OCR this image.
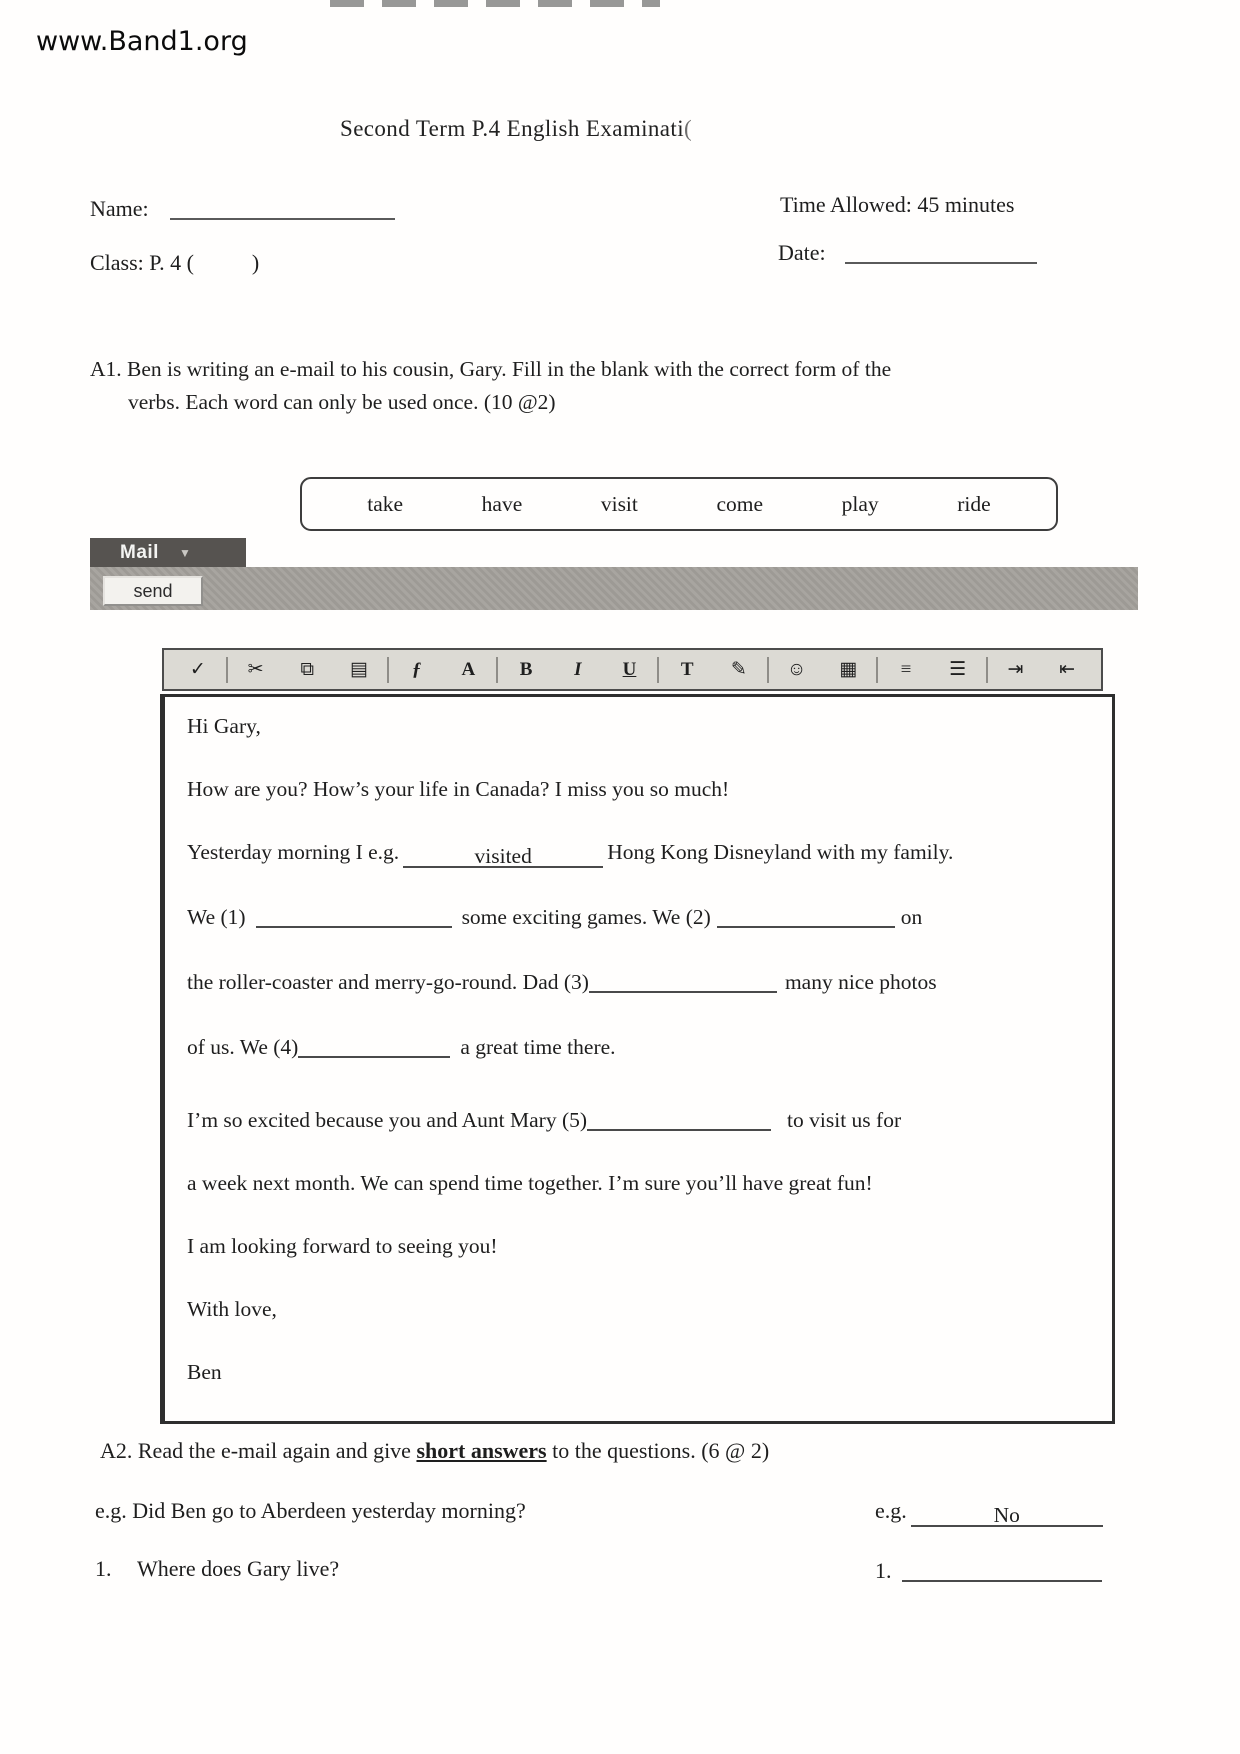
www.Band1.org
Second Term P.4 English Examinati(
Name:	Time Allowed: 45 minutes
Class: P. 4 (	)	Date:
A1. Ben is writing an e-mail to his cousin, Gary. Fill in the blank with the correct form of the
verbs. Each word can only be used once. (10 @2)
take	have	visit	come	play	ride
Mail ▼
send
✓	✂	⧉	▤	ƒ	A	B	I	U	T	✎	☺	▦	≡	☰	⇥	⇤
Hi Gary,
How are you? How’s your life in Canada? I miss you so much!
Yesterday morning I e.g.	visited	Hong Kong Disneyland with my family.
We (1)	some exciting games. We (2)	on
the roller-coaster and merry-go-round. Dad (3)	many nice photos
of us. We (4)	a great time there.
I’m so excited because you and Aunt Mary (5)	to visit us for
a week next month. We can spend time together. I’m sure you’ll have great fun!
I am looking forward to seeing you!
With love,
Ben
A2. Read the e-mail again and give short answers to the questions. (6 @ 2)
e.g. Did Ben go to Aberdeen yesterday morning?	e.g.	No
1. Where does Gary live?	1.
